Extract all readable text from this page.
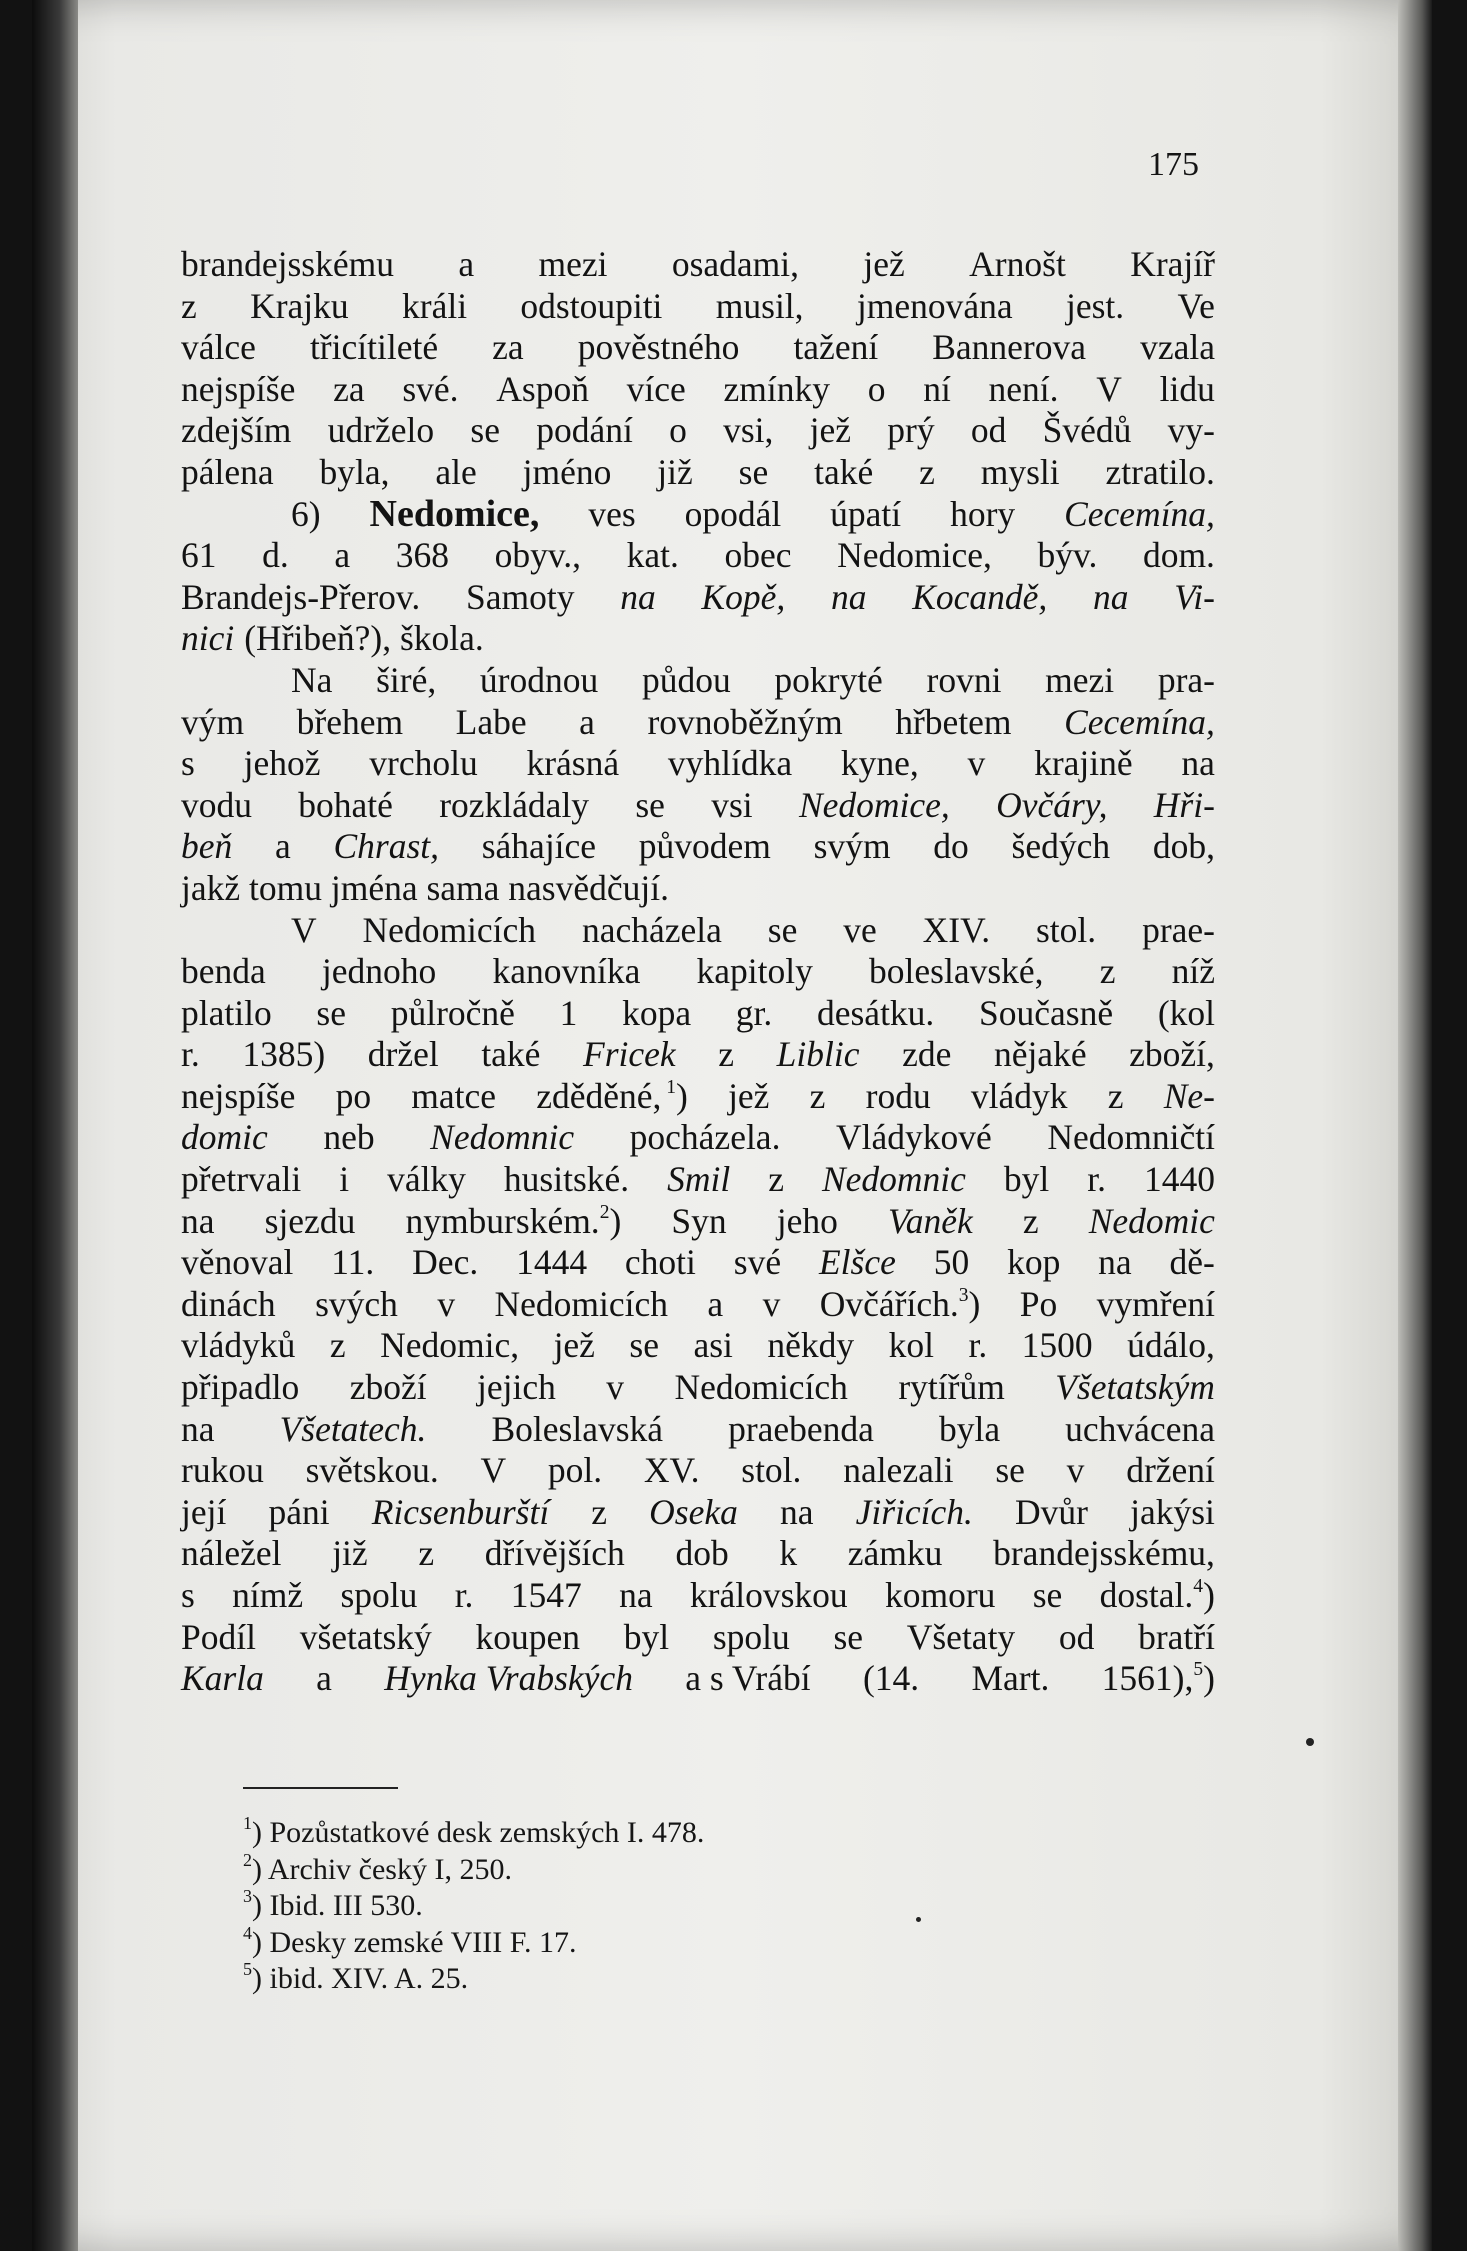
175
brandejsskému a mezi osadami, jež Arnošt Krajíř
z Krajku králi odstoupiti musil, jmenována jest. Ve
válce třicítileté za pověstného tažení Bannerova vzala
nejspíše za své. Aspoň více zmínky o ní není. V lidu
zdejším udrželo se podání o vsi, jež prý od Švédů vy-
pálena byla, ale jméno již se také z mysli ztratilo.
6) Nedomice, ves opodál úpatí hory Cecemína,
61 d. a 368 obyv., kat. obec Nedomice, býv. dom.
Brandejs-Přerov. Samoty na Kopě, na Kocandě, na Vi-
nici (Hřibeň?), škola.
Na širé, úrodnou půdou pokryté rovni mezi pra-
vým břehem Labe a rovnoběžným hřbetem Cecemína,
s jehož vrcholu krásná vyhlídka kyne, v krajině na
vodu bohaté rozkládaly se vsi Nedomice, Ovčáry, Hři-
beň a Chrast, sáhajíce původem svým do šedých dob,
jakž tomu jména sama nasvědčují.
V Nedomicích nacházela se ve XIV. stol. prae-
benda jednoho kanovníka kapitoly boleslavské, z níž
platilo se půlročně 1 kopa gr. desátku. Současně (kol
r. 1385) držel také Fricek z Liblic zde nějaké zboží,
nejspíše po matce zděděné, $^1$) jež z rodu vládyk z Ne-
domic neb Nedomnic pocházela. Vládykové Nedomničtí
přetrvali i války husitské. Smil z Nedomnic byl r. 1440
na sjezdu nymburském.$^2$) Syn jeho Vaněk z Nedomic
věnoval 11. Dec. 1444 choti své Elšce 50 kop na dě-
dinách svých v Nedomicích a v Ovčářích.$^3$) Po vymření
vládyků z Nedomic, jež se asi někdy kol r. 1500 údálo,
připadlo zboží jejich v Nedomicích rytířům Všetatským
na Všetatech. Boleslavská praebenda byla uchvácena
rukou světskou. V pol. XV. stol. nalezali se v držení
její páni Ricsenburští z Oseka na Jiřicích. Dvůr jakýsi
náležel již z dřívějších dob k zámku brandejsskému,
s nímž spolu r. 1547 na královskou komoru se dostal.$^4$)
Podíl všetatský koupen byl spolu se Všetaty od bratří
Karla a Hynka Vrabských a s Vrábí (14. Mart. 1561),$^5$)
$^1$) Pozůstatkové desk zemských I. 478.
$^2$) Archiv český I, 250.
$^3$) Ibid. III 530.
$^4$) Desky zemské VIII F. 17.
$^5$) ibid. XIV. A. 25.
